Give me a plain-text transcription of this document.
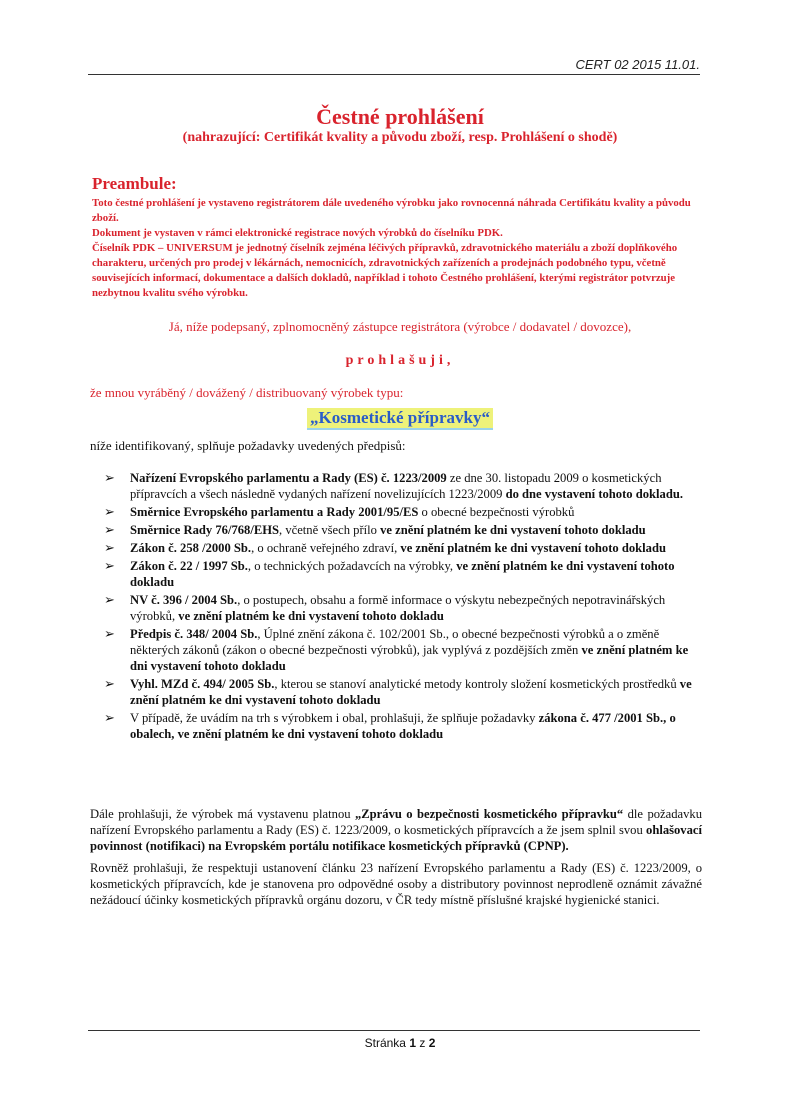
CERT 02 2015 11.01.
Čestné prohlášení
(nahrazující: Certifikát kvality a původu zboží, resp. Prohlášení o shodě)
Preambule:

Toto čestné prohlášení je vystaveno registrátorem dále uvedeného výrobku jako rovnocenná náhrada Certifikátu kvality a původu zboží.

Dokument je vystaven v rámci elektronické registrace nových výrobků do číselníku PDK.

Číselník PDK – UNIVERSUM je jednotný číselník zejména léčivých přípravků, zdravotnického materiálu a zboží doplňkového charakteru, určených pro prodej v lékárnách, nemocnicích, zdravotnických zařízeních a prodejnách podobného typu, včetně souvisejících informací, dokumentace a dalších dokladů, například i tohoto Čestného prohlášení, kterými registrátor potvrzuje nezbytnou kvalitu svého výrobku.

Já, níže podepsaný, zplnomocněný zástupce registrátora (výrobce / dodavatel / dovozce),
prohlašuji,
že mnou vyráběný / dovážený / distribuovaný výrobek typu:
„Kosmetické přípravky“
níže identifikovaný, splňuje požadavky uvedených předpisů:
➢ Nařízení Evropského parlamentu a Rady (ES) č. 1223/2009 ze dne 30. listopadu 2009 o kosmetických přípravcích a všech následně vydaných nařízení novelizujících 1223/2009 do dne vystavení tohoto dokladu.
➢ Směrnice Evropského parlamentu a Rady 2001/95/ES o obecné bezpečnosti výrobků
➢ Směrnice Rady 76/768/EHS, včetně všech přílo ve znění platném ke dni vystavení tohoto dokladu
➢ Zákon č. 258 /2000 Sb., o ochraně veřejného zdraví, ve znění platném ke dni vystavení tohoto dokladu
➢ Zákon č. 22 / 1997 Sb., o technických požadavcích na výrobky, ve znění platném ke dni vystavení tohoto dokladu
➢ NV č. 396 / 2004 Sb., o postupech, obsahu a formě informace o výskytu nebezpečných nepotravinářských výrobků, ve znění platném ke dni vystavení tohoto dokladu
➢ Předpis č. 348/ 2004 Sb., Úplné znění zákona č. 102/2001 Sb., o obecné bezpečnosti výrobků a o změně některých zákonů (zákon o obecné bezpečnosti výrobků), jak vyplývá z pozdějších změn ve znění platném ke dni vystavení tohoto dokladu
➢ Vyhl. MZd č. 494/ 2005 Sb., kterou se stanoví analytické metody kontroly složení kosmetických prostředků ve znění platném ke dni vystavení tohoto dokladu
➢ V případě, že uvádím na trh s výrobkem i obal, prohlašuji, že splňuje požadavky zákona č. 477 /2001 Sb., o obalech, ve znění platném ke dni vystavení tohoto dokladu

Dále prohlašuji, že výrobek má vystavenu platnou „Zprávu o bezpečnosti kosmetického přípravku“ dle požadavku nařízení Evropského parlamentu a Rady (ES) č. 1223/2009, o kosmetických přípravcích a že jsem splnil svou ohlašovací povinnost (notifikaci) na Evropském portálu notifikace kosmetických přípravků (CPNP).

Rovněž prohlašuji, že respektuji ustanovení článku 23 nařízení Evropského parlamentu a Rady (ES) č. 1223/2009, o kosmetických přípravcích, kde je stanovena pro odpovědné osoby a distributory povinnost neprodleně oznámit závažné nežádoucí účinky kosmetických přípravků orgánu dozoru, v ČR tedy místně příslušné krajské hygienické stanici.

Stránka 1 z 2
